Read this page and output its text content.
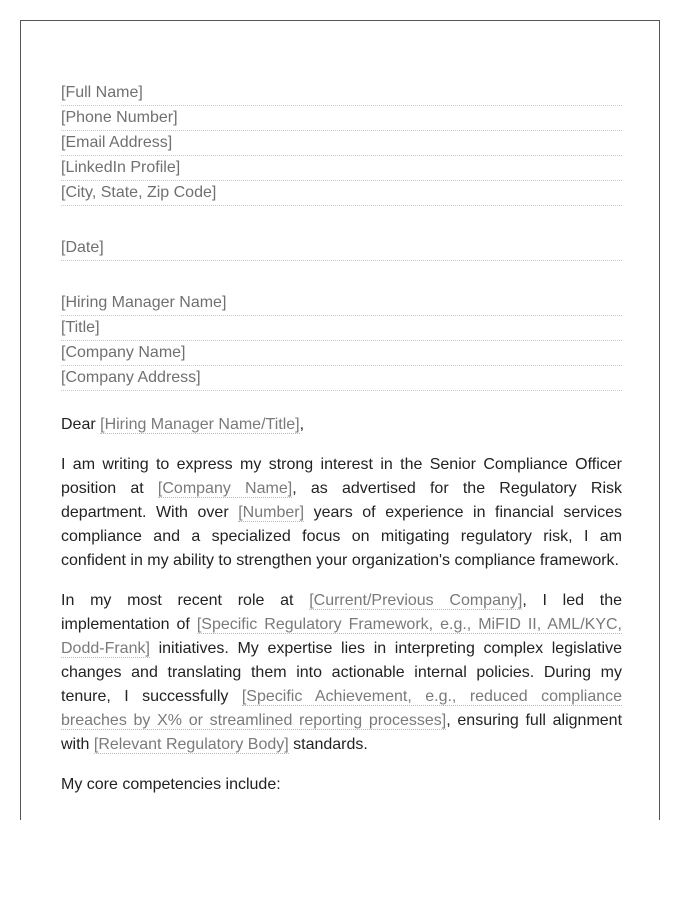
[Full Name]
[Phone Number]
[Email Address]
[LinkedIn Profile]
[City, State, Zip Code]
[Date]
[Hiring Manager Name]
[Title]
[Company Name]
[Company Address]
Dear [Hiring Manager Name/Title],
I am writing to express my strong interest in the Senior Compliance Officer position at [Company Name], as advertised for the Regulatory Risk department. With over [Number] years of experience in financial services compliance and a specialized focus on mitigating regulatory risk, I am confident in my ability to strengthen your organization's compliance framework.
In my most recent role at [Current/Previous Company], I led the implementation of [Specific Regulatory Framework, e.g., MiFID II, AML/KYC, Dodd-Frank] initiatives. My expertise lies in interpreting complex legislative changes and translating them into actionable internal policies. During my tenure, I successfully [Specific Achievement, e.g., reduced compliance breaches by X% or streamlined reporting processes], ensuring full alignment with [Relevant Regulatory Body] standards.
My core competencies include:
